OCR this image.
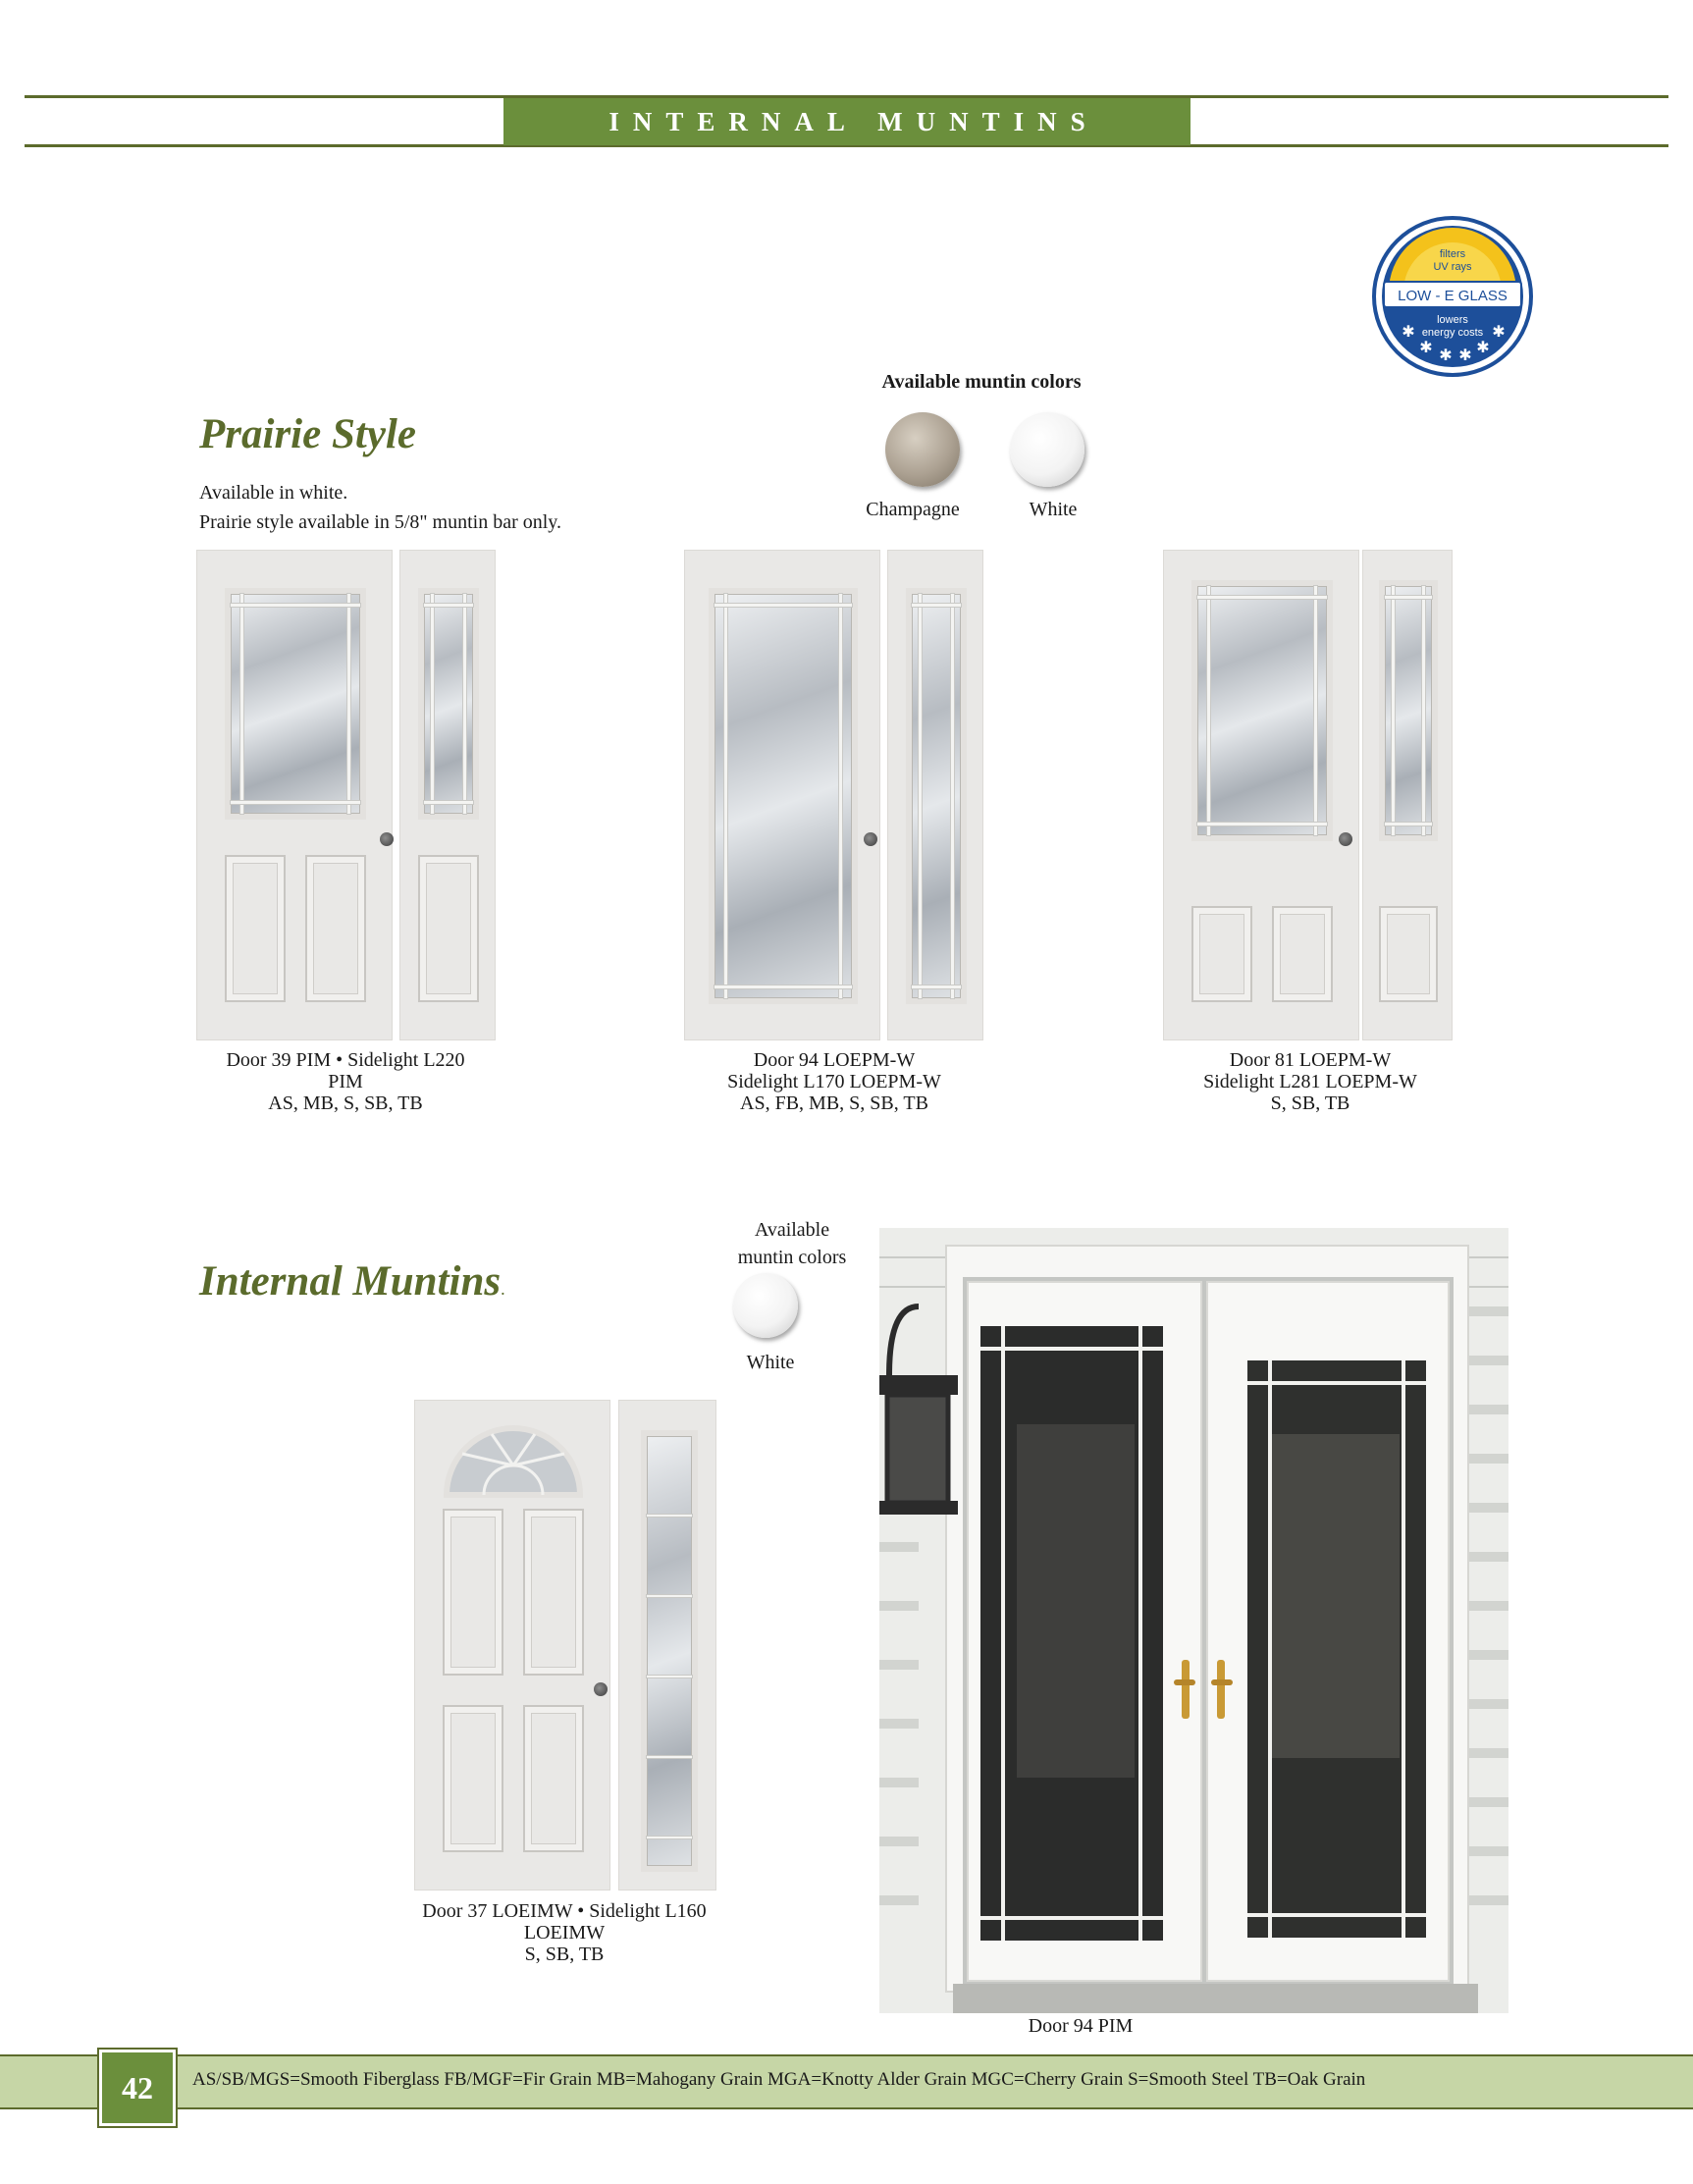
INTERNAL MUNTINS
filters
UV rays
LOW - E GLASS
lowers
energy costs
✱
✱ ✱ ✱ ✱
✱
Prairie Style
Available in white.
Prairie style available in 5/8" muntin bar only.
Available muntin colors
Champagne	White
Door 39 PIM • Sidelight L220
PIM
AS, MB, S, SB, TB
Door 94 LOEPM-W
Sidelight L170 LOEPM-W
AS, FB, MB, S, SB, TB
Door 81 LOEPM-W
Sidelight L281 LOEPM-W
S, SB, TB
Internal Muntins.
Available
muntin colors
White
Door 37 LOEIMW • Sidelight L160
LOEIMW
S, SB, TB
Door 94 PIM
42 AS/SB/MGS=Smooth Fiberglass FB/MGF=Fir Grain MB=Mahogany Grain MGA=Knotty Alder Grain MGC=Cherry Grain S=Smooth Steel TB=Oak Grain
